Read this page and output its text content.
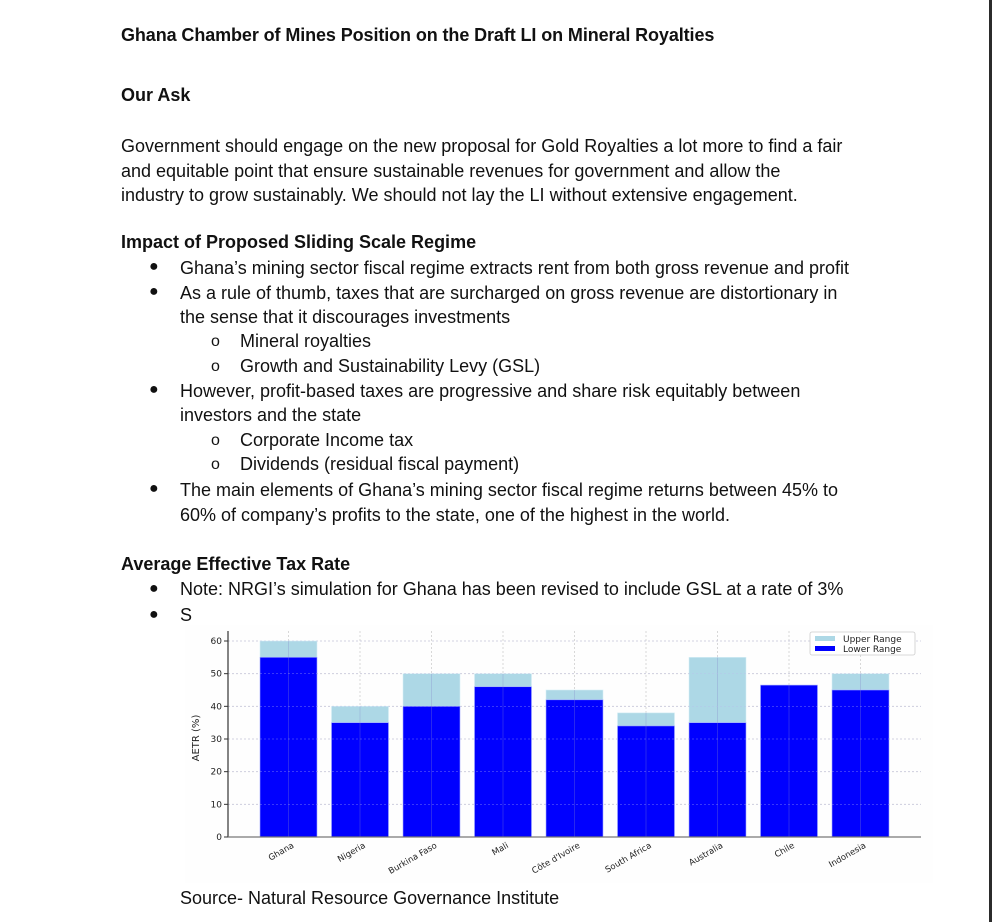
Ghana Chamber of Mines Position on the Draft LI on Mineral Royalties
Our Ask
Government should engage on the new proposal for Gold Royalties a lot more to find a fair
and equitable point that ensure sustainable revenues for government and allow the
industry to grow sustainably. We should not lay the LI without extensive engagement.
Impact of Proposed Sliding Scale Regime
● Ghana’s mining sector fiscal regime extracts rent from both gross revenue and profit
● As a rule of thumb, taxes that are surcharged on gross revenue are distortionary in
the sense that it discourages investments
o Mineral royalties
o Growth and Sustainability Levy (GSL)
● However, profit-based taxes are progressive and share risk equitably between
investors and the state
o Corporate Income tax
o Dividends (residual fiscal payment)
● The main elements of Ghana’s mining sector fiscal regime returns between 45% to
60% of company’s profits to the state, one of the highest in the world.
Average Effective Tax Rate
● Note: NRGI’s simulation for Ghana has been revised to include GSL at a rate of 3%
● S
0
10
20
30
40
50
60
Ghana	Nigeria Burkina Faso	Mali Côte d'Ivoire	South Africa	Australia	Chile	Indonesia
AETR (%)
Upper Range
Lower Range
Source- Natural Resource Governance Institute
